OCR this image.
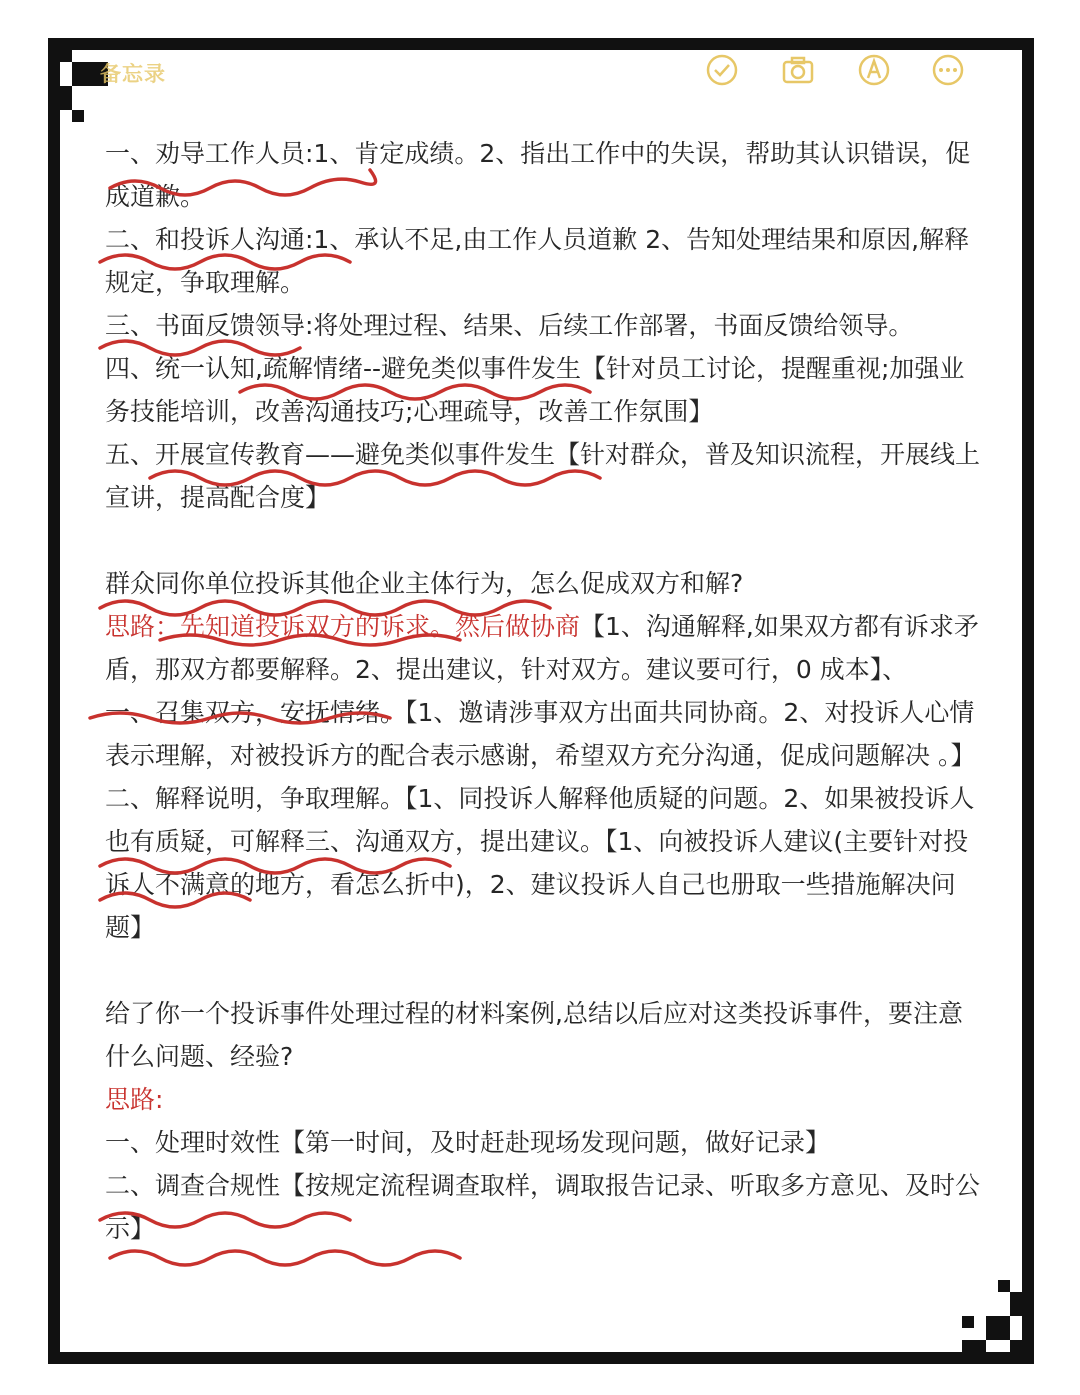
备忘录

一、劝导工作人员:1、肯定成绩。2、指出工作中的失误，帮助其认识错误，促成道歉。

二、和投诉人沟通:1、承认不足,由工作人员道歉 2、告知处理结果和原因,解释规定，争取理解。

三、书面反馈领导:将处理过程、结果、后续工作部署，书面反馈给领导。

四、统一认知,疏解情绪--避免类似事件发生【针对员工讨论，提醒重视;加强业务技能培训，改善沟通技巧;心理疏导，改善工作氛围】

五、开展宣传教育——避免类似事件发生【针对群众，普及知识流程，开展线上宣讲，提高配合度】

群众同你单位投诉其他企业主体行为，怎么促成双方和解?

思路：先知道投诉双方的诉求。然后做协商【1、沟通解释,如果双方都有诉求矛盾，那双方都要解释。2、提出建议，针对双方。建议要可行，0 成本】、

一、召集双方，安抚情绪。【1、邀请涉事双方出面共同协商。2、对投诉人心情表示理解，对被投诉方的配合表示感谢，希望双方充分沟通，促成问题解决 。】

二、解释说明，争取理解。【1、同投诉人解释他质疑的问题。2、如果被投诉人也有质疑，可解释三、沟通双方，提出建议。【1、向被投诉人建议(主要针对投诉人不满意的地方，看怎么折中)，2、建议投诉人自己也册取一些措施解决问题】

给了你一个投诉事件处理过程的材料案例,总结以后应对这类投诉事件，要注意什么问题、经验?

思路:

一、处理时效性【第一时间，及时赶赴现场发现问题，做好记录】

二、调查合规性【按规定流程调查取样，调取报告记录、听取多方意见、及时公示】
